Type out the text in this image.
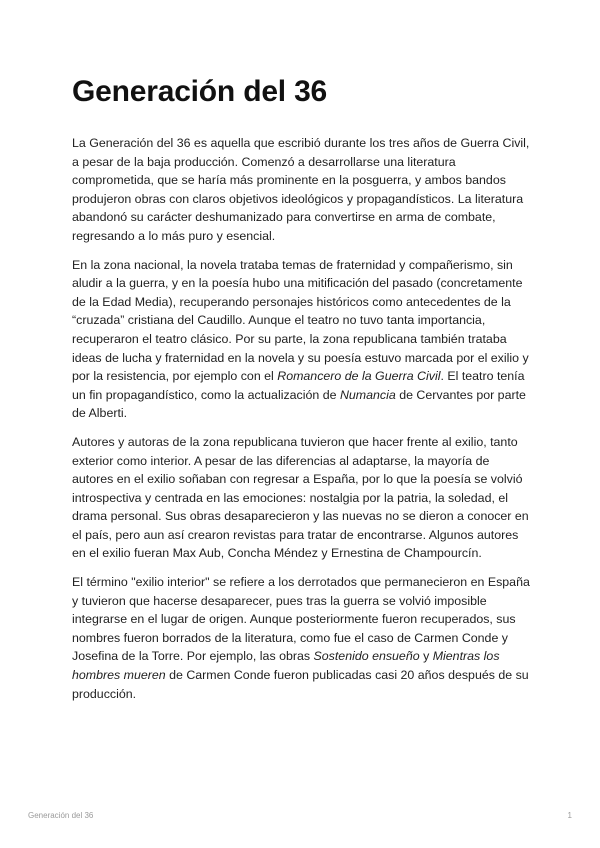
Generación del 36

La Generación del 36 es aquella que escribió durante los tres años de Guerra Civil, a pesar de la baja producción. Comenzó a desarrollarse una literatura comprometida, que se haría más prominente en la posguerra, y ambos bandos produjeron obras con claros objetivos ideológicos y propagandísticos. La literatura abandonó su carácter deshumanizado para convertirse en arma de combate, regresando a lo más puro y esencial.

En la zona nacional, la novela trataba temas de fraternidad y compañerismo, sin aludir a la guerra, y en la poesía hubo una mitificación del pasado (concretamente de la Edad Media), recuperando personajes históricos como antecedentes de la “cruzada” cristiana del Caudillo. Aunque el teatro no tuvo tanta importancia, recuperaron el teatro clásico. Por su parte, la zona republicana también trataba ideas de lucha y fraternidad en la novela y su poesía estuvo marcada por el exilio y por la resistencia, por ejemplo con el Romancero de la Guerra Civil. El teatro tenía un fin propagandístico, como la actualización de Numancia de Cervantes por parte de Alberti.

Autores y autoras de la zona republicana tuvieron que hacer frente al exilio, tanto exterior como interior. A pesar de las diferencias al adaptarse, la mayoría de autores en el exilio soñaban con regresar a España, por lo que la poesía se volvió introspectiva y centrada en las emociones: nostalgia por la patria, la soledad, el drama personal. Sus obras desaparecieron y las nuevas no se dieron a conocer en el país, pero aun así crearon revistas para tratar de encontrarse. Algunos autores en el exilio fueran Max Aub, Concha Méndez y Ernestina de Champourcín.

El término "exilio interior" se refiere a los derrotados que permanecieron en España y tuvieron que hacerse desaparecer, pues tras la guerra se volvió imposible integrarse en el lugar de origen. Aunque posteriormente fueron recuperados, sus nombres fueron borrados de la literatura, como fue el caso de Carmen Conde y Josefina de la Torre. Por ejemplo, las obras Sostenido ensueño y Mientras los hombres mueren de Carmen Conde fueron publicadas casi 20 años después de su producción.

Generación del 36	1
